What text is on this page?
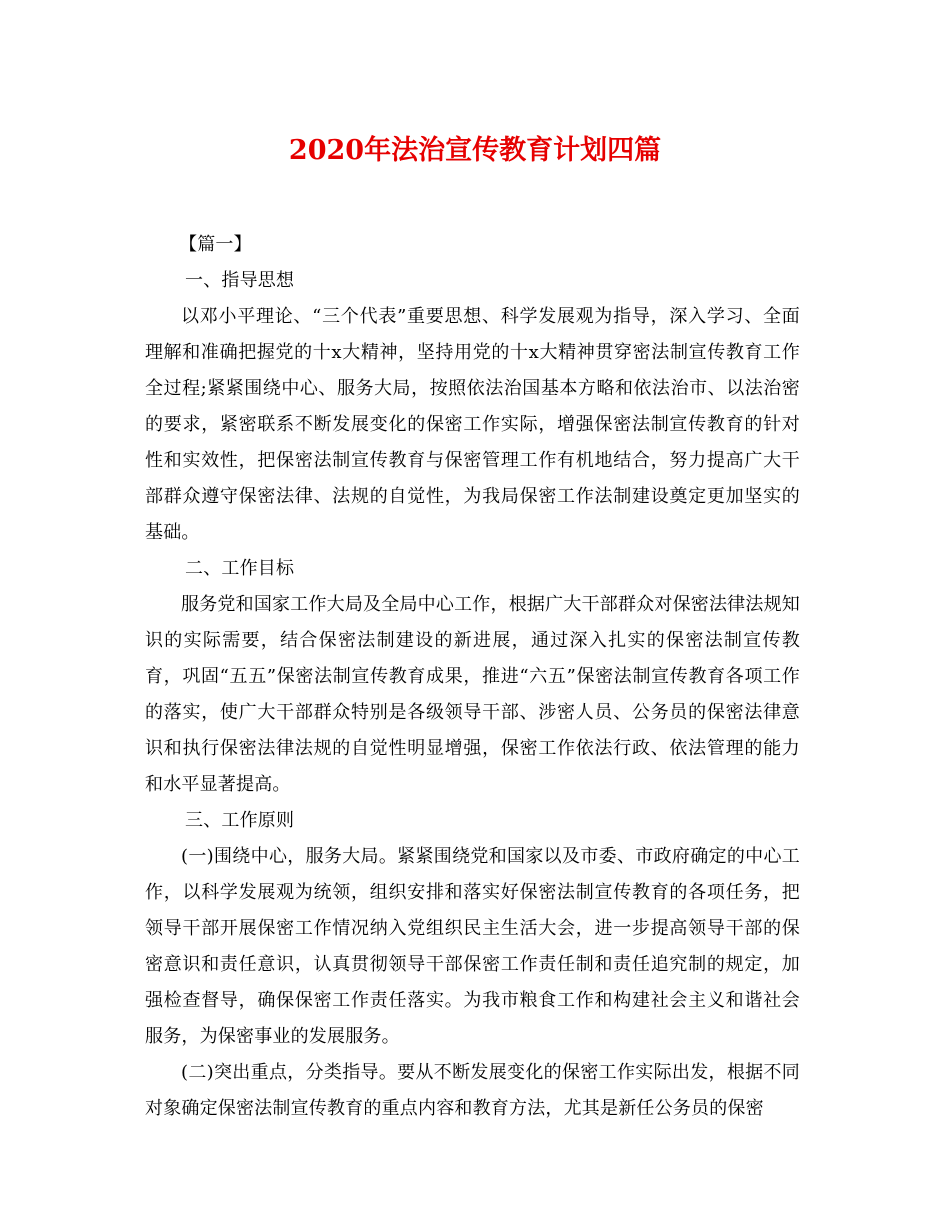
2020年法治宣传教育计划四篇

【篇一】

一、指导思想

以邓小平理论、“三个代表”重要思想、科学发展观为指导，深入学习、全面理解和准确把握党的十x大精神，坚持用党的十x大精神贯穿密法制宣传教育工作全过程;紧紧围绕中心、服务大局，按照依法治国基本方略和依法治市、以法治密的要求，紧密联系不断发展变化的保密工作实际，增强保密法制宣传教育的针对性和实效性，把保密法制宣传教育与保密管理工作有机地结合，努力提高广大干部群众遵守保密法律、法规的自觉性，为我局保密工作法制建设奠定更加坚实的基础。

二、工作目标

服务党和国家工作大局及全局中心工作，根据广大干部群众对保密法律法规知识的实际需要，结合保密法制建设的新进展，通过深入扎实的保密法制宣传教育，巩固“五五”保密法制宣传教育成果，推进“六五”保密法制宣传教育各项工作的落实，使广大干部群众特别是各级领导干部、涉密人员、公务员的保密法律意识和执行保密法律法规的自觉性明显增强，保密工作依法行政、依法管理的能力和水平显著提高。

三、工作原则

(一)围绕中心，服务大局。紧紧围绕党和国家以及市委、市政府确定的中心工作，以科学发展观为统领，组织安排和落实好保密法制宣传教育的各项任务，把领导干部开展保密工作情况纳入党组织民主生活大会，进一步提高领导干部的保密意识和责任意识，认真贯彻领导干部保密工作责任制和责任追究制的规定，加强检查督导，确保保密工作责任落实。为我市粮食工作和构建社会主义和谐社会服务，为保密事业的发展服务。

(二)突出重点，分类指导。要从不断发展变化的保密工作实际出发，根据不同对象确定保密法制宣传教育的重点内容和教育方法，尤其是新任公务员的保密
